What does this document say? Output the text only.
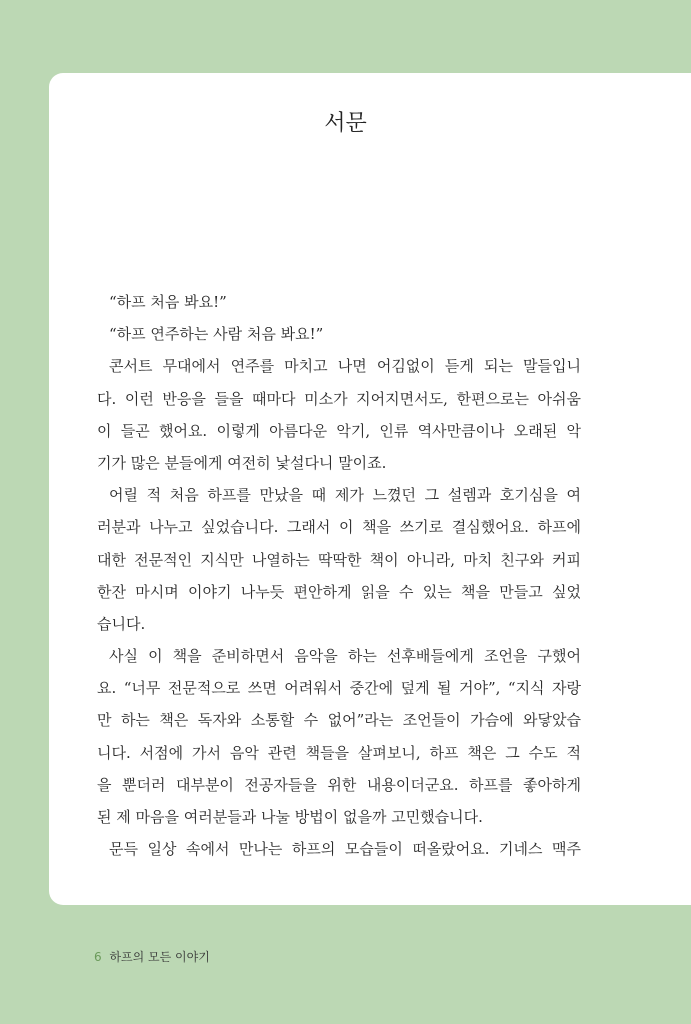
서문
“하프 처음 봐요!”
“하프 연주하는 사람 처음 봐요!”
콘서트 무대에서 연주를 마치고 나면 어김없이 듣게 되는 말들입니
다. 이런 반응을 들을 때마다 미소가 지어지면서도, 한편으로는 아쉬움
이 들곤 했어요. 이렇게 아름다운 악기, 인류 역사만큼이나 오래된 악
기가 많은 분들에게 여전히 낯설다니 말이죠.
어릴 적 처음 하프를 만났을 때 제가 느꼈던 그 설렘과 호기심을 여
러분과 나누고 싶었습니다. 그래서 이 책을 쓰기로 결심했어요. 하프에
대한 전문적인 지식만 나열하는 딱딱한 책이 아니라, 마치 친구와 커피
한잔 마시며 이야기 나누듯 편안하게 읽을 수 있는 책을 만들고 싶었
습니다.
사실 이 책을 준비하면서 음악을 하는 선후배들에게 조언을 구했어
요. “너무 전문적으로 쓰면 어려워서 중간에 덮게 될 거야”, “지식 자랑
만 하는 책은 독자와 소통할 수 없어”라는 조언들이 가슴에 와닿았습
니다. 서점에 가서 음악 관련 책들을 살펴보니, 하프 책은 그 수도 적
을 뿐더러 대부분이 전공자들을 위한 내용이더군요. 하프를 좋아하게
된 제 마음을 여러분들과 나눌 방법이 없을까 고민했습니다.
문득 일상 속에서 만나는 하프의 모습들이 떠올랐어요. 기네스 맥주
6 하프의 모든 이야기
